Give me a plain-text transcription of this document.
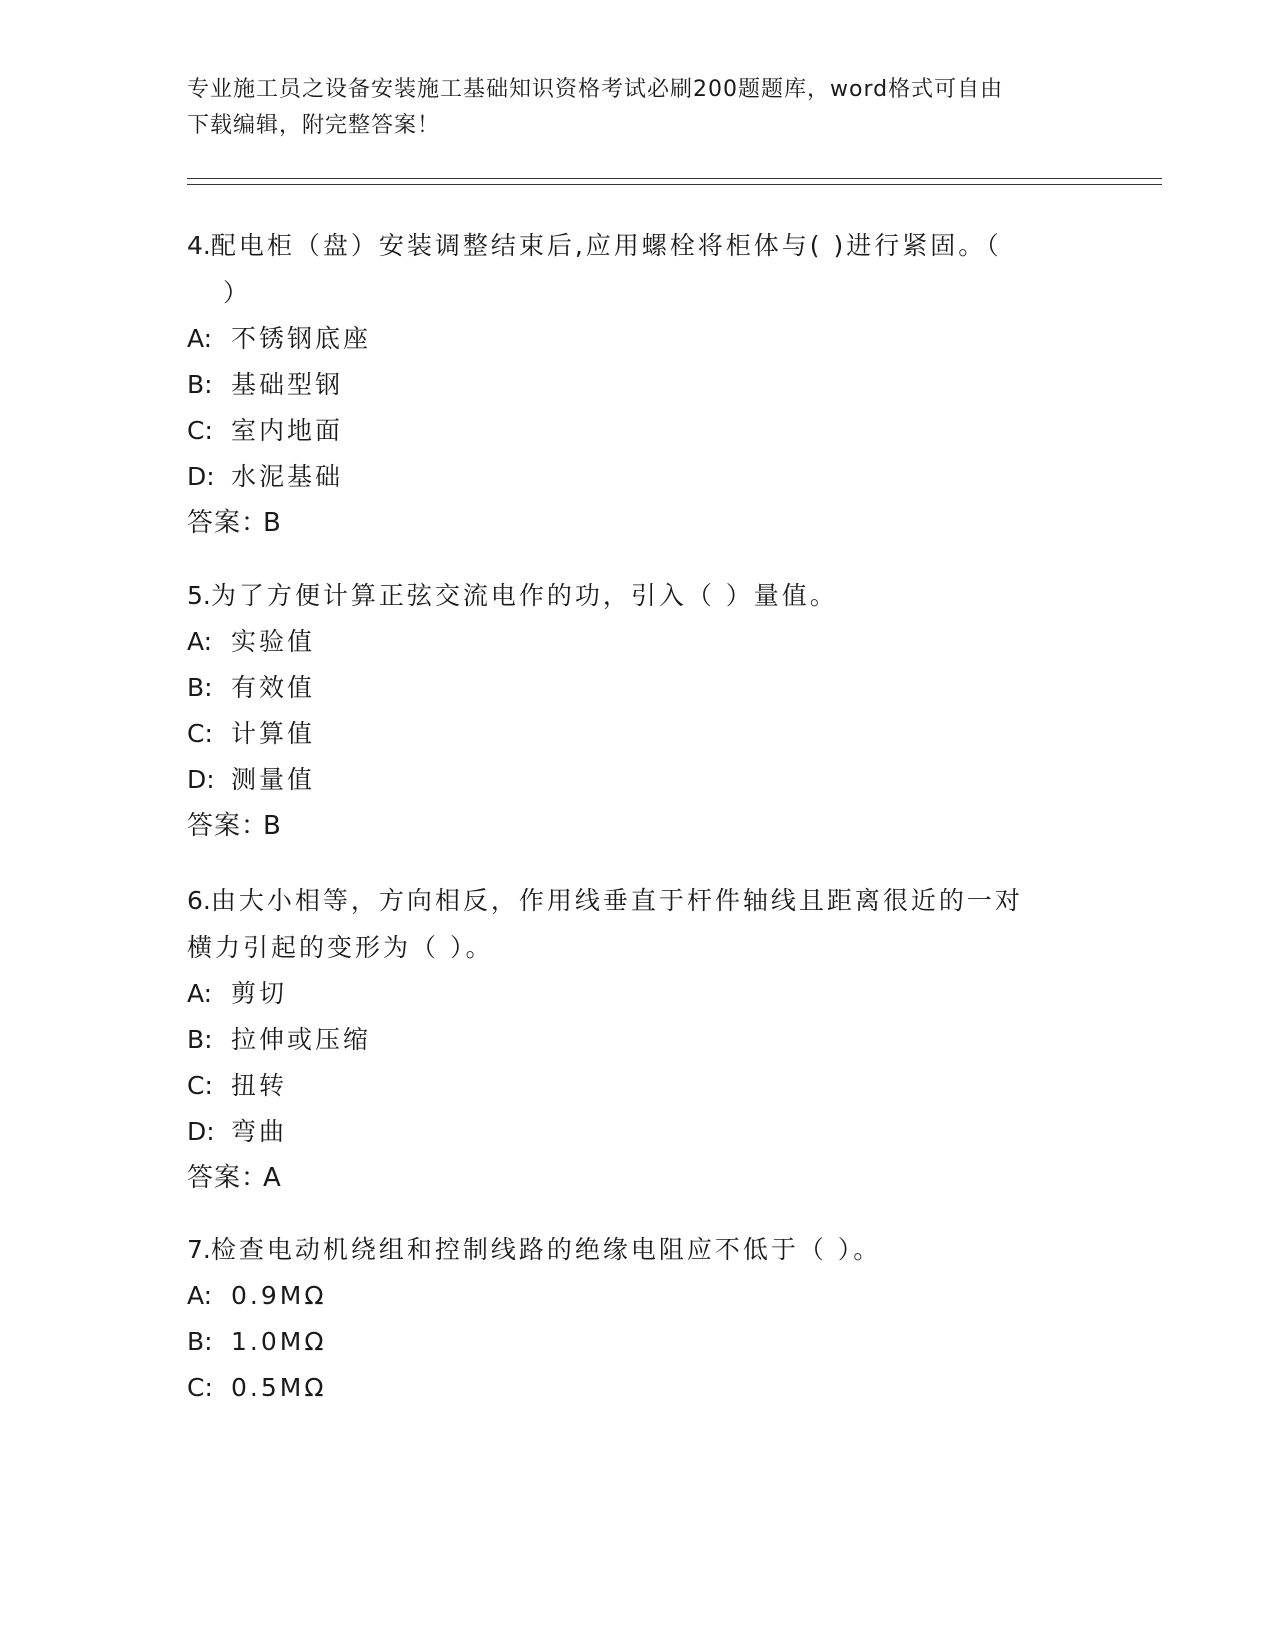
专业施工员之设备安装施工基础知识资格考试必刷200题题库，word格式可自由
下载编辑，附完整答案！

4.配电柜（盘）安装调整结束后,应用螺栓将柜体与( )进行紧固。（

）

A: 不锈钢底座

B: 基础型钢

C: 室内地面

D: 水泥基础

答案：B

5.为了方便计算正弦交流电作的功，引入（ ）量值。

A: 实验值

B: 有效值

C: 计算值

D: 测量值

答案：B

6.由大小相等，方向相反，作用线垂直于杆件轴线且距离很近的一对

横力引起的变形为（ ）。

A: 剪切

B: 拉伸或压缩

C: 扭转

D: 弯曲

答案：A

7.检查电动机绕组和控制线路的绝缘电阻应不低于（ ）。

A: 0.9MΩ

B: 1.0MΩ

C: 0.5MΩ
